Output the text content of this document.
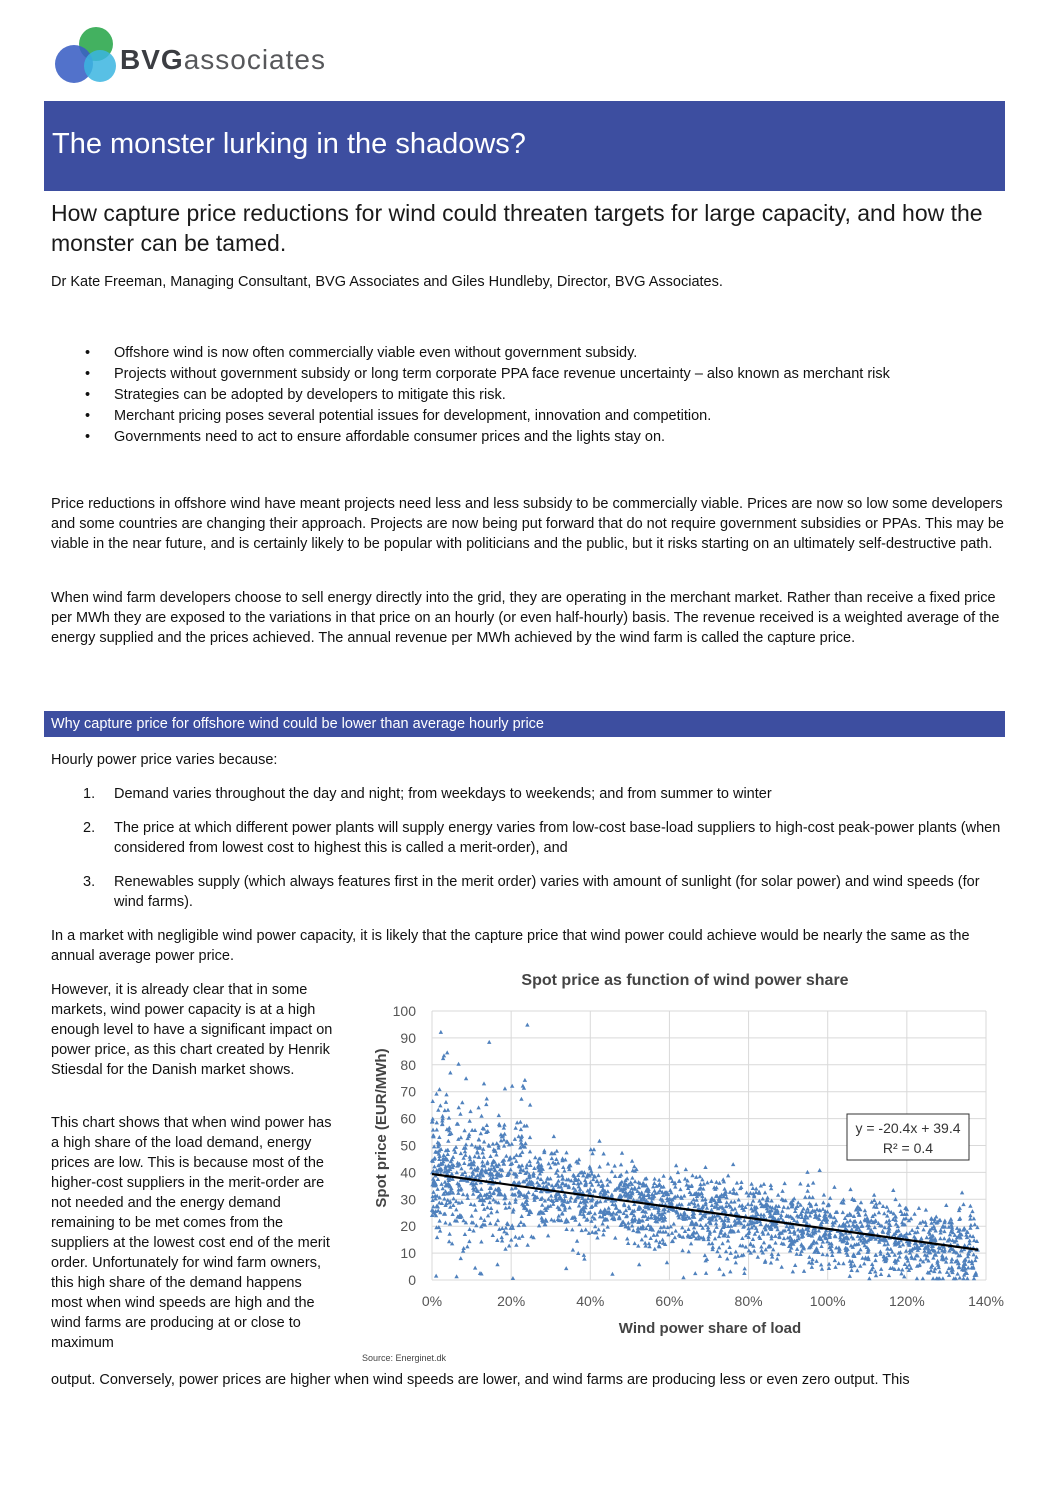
BVGassociates
The monster lurking in the shadows?
How capture price reductions for wind could threaten targets for large capacity, and how the monster can be tamed.
Dr Kate Freeman, Managing Consultant, BVG Associates and Giles Hundleby, Director, BVG Associates.
• Offshore wind is now often commercially viable even without government subsidy.
• Projects without government subsidy or long term corporate PPA face revenue uncertainty – also known as merchant risk
• Strategies can be adopted by developers to mitigate this risk.
• Merchant pricing poses several potential issues for development, innovation and competition.
• Governments need to act to ensure affordable consumer prices and the lights stay on.

Price reductions in offshore wind have meant projects need less and less subsidy to be commercially viable. Prices are now so low some developers and some countries are changing their approach. Projects are now being put forward that do not require government subsidies or PPAs. This may be viable in the near future, and is certainly likely to be popular with politicians and the public, but it risks starting on an ultimately self-destructive path.

When wind farm developers choose to sell energy directly into the grid, they are operating in the merchant market. Rather than receive a fixed price per MWh they are exposed to the variations in that price on an hourly (or even half-hourly) basis. The revenue received is a weighted average of the energy supplied and the prices achieved. The annual revenue per MWh achieved by the wind farm is called the capture price.

Why capture price for offshore wind could be lower than average hourly price

Hourly power price varies because:

1. Demand varies throughout the day and night; from weekdays to weekends; and from summer to winter
2. The price at which different power plants will supply energy varies from low-cost base-load suppliers to high-cost peak-power plants (when considered from lowest cost to highest this is called a merit-order), and
3. Renewables supply (which always features first in the merit order) varies with amount of sunlight (for solar power) and wind speeds (for wind farms).

In a market with negligible wind power capacity, it is likely that the capture price that wind power could achieve would be nearly the same as the annual average power price.

However, it is already clear that in some markets, wind power capacity is at a high enough level to have a significant impact on power price, as this chart created by Henrik Stiesdal for the Danish market shows.

This chart shows that when wind power has a high share of the load demand, energy prices are low. This is because most of the higher-cost suppliers in the merit-order are not needed and the energy demand remaining to be met comes from the suppliers at the lowest cost end of the merit order. Unfortunately for wind farm owners, this high share of the demand happens most when wind speeds are high and the wind farms are producing at or close to maximum

Spot price as function of wind power share
0%	20%	40%	60%	80%	100%	120%	140%
0
10
20
30
40
50
60
70
80
90
100
y = -20.4x + 39.4
R² = 0.4
Wind power share of load
Spot price (EUR/MWh)
Source: Energinet.dk

output. Conversely, power prices are higher when wind speeds are lower, and wind farms are producing less or even zero output. This
